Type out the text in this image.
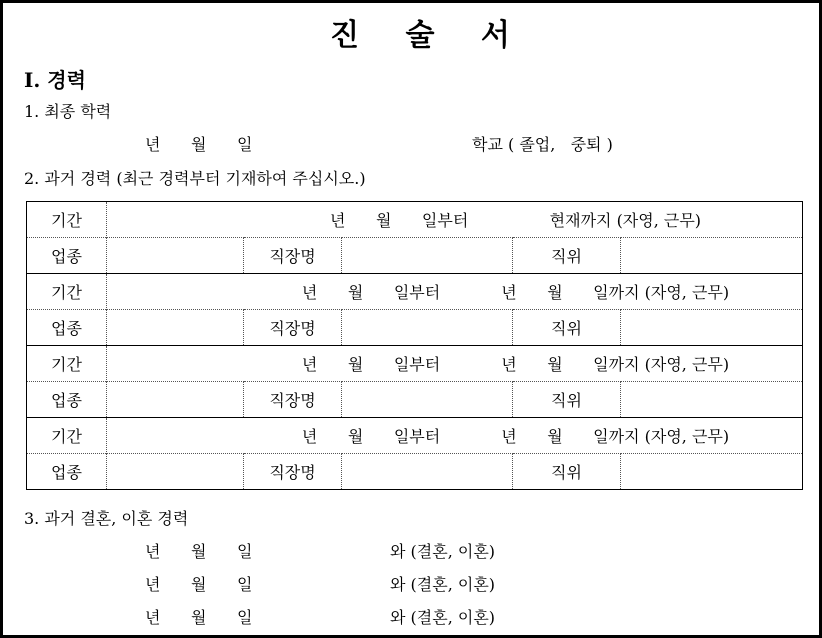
진 술 서
I. 경력
1. 최종 학력
년      월      일	학교 ( 졸업,   중퇴 )
2. 과거 경력 (최근 경력부터 기재하여 주십시오.)
기간	년      월      일부터                현재까지 (자영, 근무)				
업종		직장명		직위	
기간	년      월      일부터            년      월      일까지 (자영, 근무)				
업종		직장명		직위	
기간	년      월      일부터            년      월      일까지 (자영, 근무)				
업종		직장명		직위	
기간	년      월      일부터            년      월      일까지 (자영, 근무)				
업종		직장명		직위	
3. 과거 결혼, 이혼 경력
년      월      일	와 (결혼, 이혼)
년      월      일	와 (결혼, 이혼)
년      월      일	와 (결혼, 이혼)
